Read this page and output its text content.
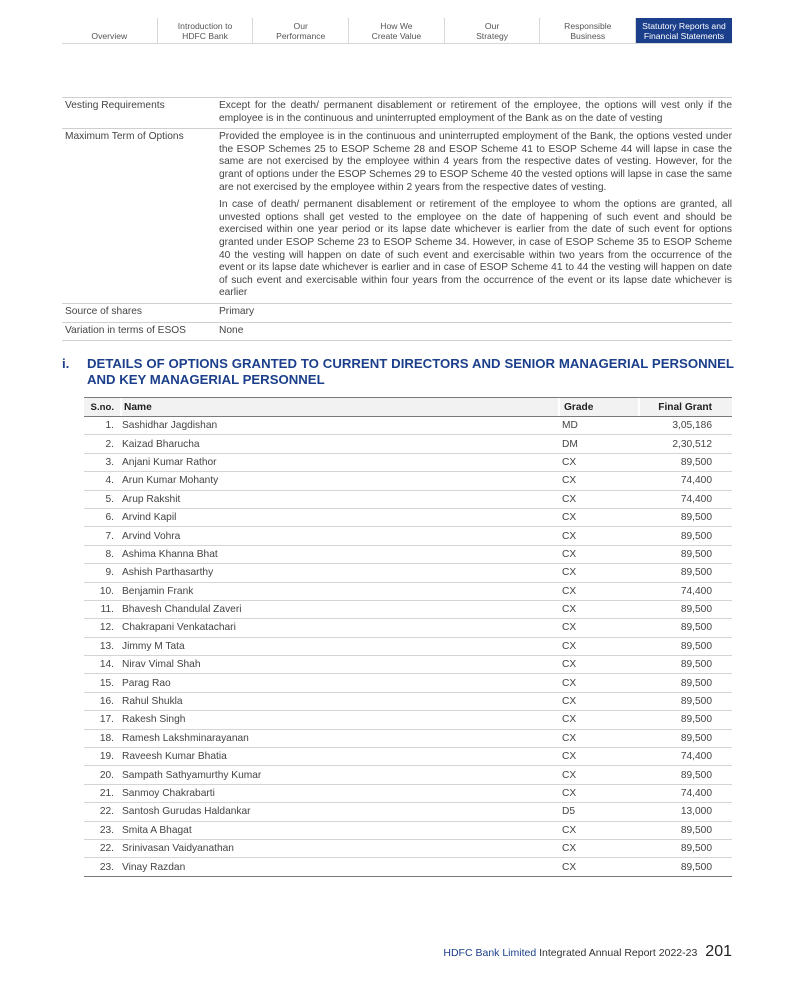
Overview
Introduction to
HDFC Bank
Our
Performance
How We
Create Value
Our
Strategy
Responsible
Business
Statutory Reports and
Financial Statements
Vesting Requirements	Except for the death/ permanent disablement or retirement of the employee, the options will vest only if the employee is in the continuous and uninterrupted employment of the Bank as on the date of vesting

Maximum Term of Options	Provided the employee is in the continuous and uninterrupted employment of the Bank, the options vested under the ESOP Schemes 25 to ESOP Scheme 28 and ESOP Scheme 41 to ESOP Scheme 44 will lapse in case the same are not exercised by the employee within 4 years from the respective dates of vesting. However, for the grant of options under the ESOP Schemes 29 to ESOP Scheme 40 the vested options will lapse in case the same are not exercised by the employee within 2 years from the respective dates of vesting.

In case of death/ permanent disablement or retirement of the employee to whom the options are granted, all unvested options shall get vested to the employee on the date of happening of such event and should be exercised within one year period or its lapse date whichever is earlier from the date of such event for options granted under ESOP Scheme 23 to ESOP Scheme 34. However, in case of ESOP Scheme 35 to ESOP Scheme 40 the vesting will happen on date of such event and exercisable within two years from the occurrence of the event or its lapse date whichever is earlier and in case of ESOP Scheme 41 to 44 the vesting will happen on date of such event and exercisable within four years from the occurrence of the event or its lapse date whichever is earlier

Source of shares	Primary

Variation in terms of ESOS	None

i.	DETAILS OF OPTIONS GRANTED TO CURRENT DIRECTORS AND SENIOR MANAGERIAL PERSONNEL AND KEY MANAGERIAL PERSONNEL
S.no. Name	Grade	Final Grant
1. Sashidhar Jagdishan	MD	3,05,186
2. Kaizad Bharucha	DM	2,30,512
3. Anjani Kumar Rathor	CX	89,500
4. Arun Kumar Mohanty	CX	74,400
5. Arup Rakshit	CX	74,400
6. Arvind Kapil	CX	89,500
7. Arvind Vohra	CX	89,500
8. Ashima Khanna Bhat	CX	89,500
9. Ashish Parthasarthy	CX	89,500
10. Benjamin Frank	CX	74,400
11. Bhavesh Chandulal Zaveri	CX	89,500
12. Chakrapani Venkatachari	CX	89,500
13. Jimmy M Tata	CX	89,500
14. Nirav Vimal Shah	CX	89,500
15. Parag Rao	CX	89,500
16. Rahul Shukla	CX	89,500
17. Rakesh Singh	CX	89,500
18. Ramesh Lakshminarayanan	CX	89,500
19. Raveesh Kumar Bhatia	CX	74,400
20. Sampath Sathyamurthy Kumar	CX	89,500
21. Sanmoy Chakrabarti	CX	74,400
22. Santosh Gurudas Haldankar	D5	13,000
23. Smita A Bhagat	CX	89,500
22. Srinivasan Vaidyanathan	CX	89,500
23. Vinay Razdan	CX	89,500
HDFC Bank Limited
Integrated Annual Report 2022-23 201
